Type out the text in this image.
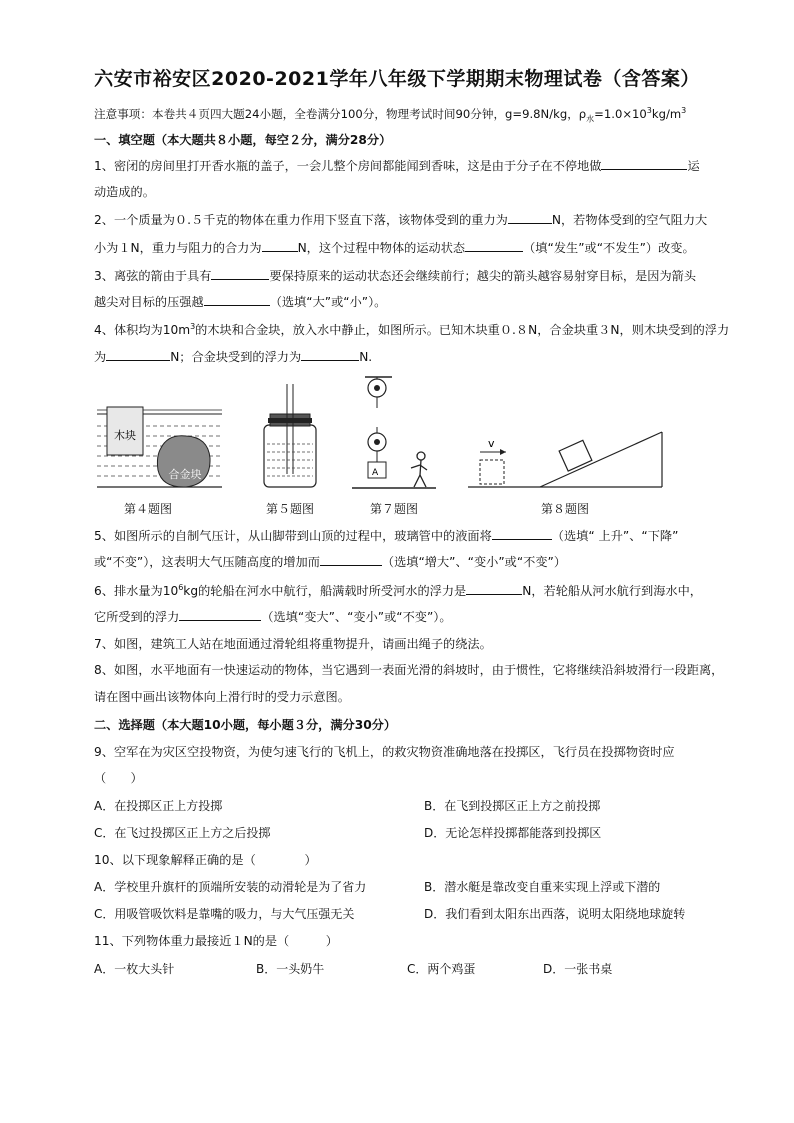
六安市裕安区2020-2021学年八年级下学期期末物理试卷（含答案）
注意事项：本卷共４页四大题24小题，全卷满分100分，物理考试时间90分钟，g=9.8N/kg，$\rho_水=1.0\times 10^3kg/m^3$
一、填空题（本大题共８小题，每空２分，满分28分）
1、密闭的房间里打开香水瓶的盖子，一会儿整个房间都能闻到香味，这是由于分子在不停地做	运
动造成的。
2、一个质量为０.５千克的物体在重力作用下竖直下落，该物体受到的重力为	N，若物体受到的空气阻力大
小为１N，重力与阻力的合力为	N，这个过程中物体的运动状态	（填“发生”或“不发生”）改变。
3、离弦的箭由于具有	要保持原来的运动状态还会继续前行；越尖的箭头越容易射穿目标，是因为箭头
越尖对目标的压强越	（选填“大”或“小”）。
4、体积均为$10m^3$的木块和合金块，放入水中静止，如图所示。已知木块重０.８N，合金块重３N，则木块受到的浮力
为	N；合金块受到的浮力为	N.
木块
合金块	A
v
第４题图	第５题图	第７题图	第８题图
5、如图所示的自制气压计，从山脚带到山顶的过程中，玻璃管中的液面将	（选填“ 上升”、“下降”
或“不变”），这表明大气压随高度的增加而	（选填“增大”、“变小”或“不变”）
6、排水量为$10^6kg$的轮船在河水中航行，船满载时所受河水的浮力是	N，若轮船从河水航行到海水中，
它所受到的浮力	（选填“变大”、“变小”或“不变”）。
7、如图，建筑工人站在地面通过滑轮组将重物提升，请画出绳子的绕法。
8、如图，水平地面有一快速运动的物体，当它遇到一表面光滑的斜坡时，由于惯性，它将继续沿斜坡滑行一段距离，
请在图中画出该物体向上滑行时的受力示意图。
二、选择题（本大题10小题，每小题３分，满分30分）
9、空军在为灾区空投物资，为使匀速飞行的飞机上，的救灾物资准确地落在投掷区，飞行员在投掷物资时应
（　　）
A．在投掷区正上方投掷	B．在飞到投掷区正上方之前投掷
C．在飞过投掷区正上方之后投掷	D．无论怎样投掷都能落到投掷区
10、以下现象解释正确的是（　　　　）
A．学校里升旗杆的顶端所安装的动滑轮是为了省力	B．潜水艇是靠改变自重来实现上浮或下潜的
C．用吸管吸饮料是靠嘴的吸力，与大气压强无关	D．我们看到太阳东出西落，说明太阳绕地球旋转
11、下列物体重力最接近１N的是（　　　）
A．一枚大头针	B．一头奶牛	C．两个鸡蛋	D．一张书桌
